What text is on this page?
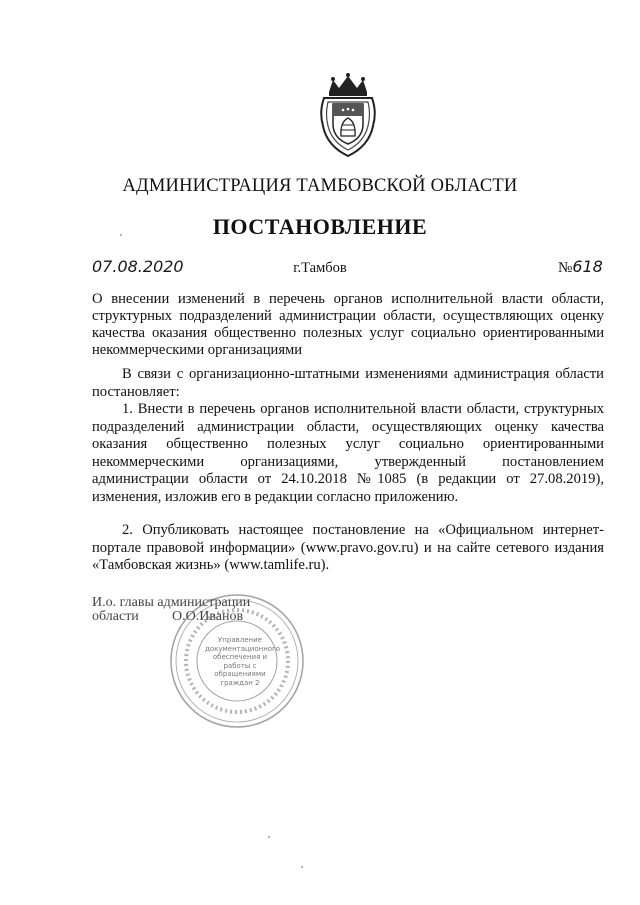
АДМИНИСТРАЦИЯ ТАМБОВСКОЙ ОБЛАСТИ
ПОСТАНОВЛЕНИЕ
07.08.2020	г.Тамбов	№618
О внесении изменений в перечень органов исполнительной власти области, структурных подразделений администрации области, осуществляющих оценку качества оказания общественно полезных услуг социально ориентированными некоммерческими организациями
В связи с организационно-штатными изменениями администрация области постановляет:
1. Внести в перечень органов исполнительной власти области, структурных подразделений администрации области, осуществляющих оценку качества оказания общественно полезных услуг социально ориентированными некоммерческими организациями, утвержденный постановлением администрации области от 24.10.2018 №1085 (в редакции от 27.08.2019), изменения, изложив его в редакции согласно приложению.
2. Опубликовать настоящее постановление на «Официальном интернет-портале правовой информации» (www.pravo.gov.ru) и на сайте сетевого издания «Тамбовская жизнь» (www.tamlife.ru).
Управление документационного обеспечения и работы с обращениями граждан 2
И.о. главы администрации
области О.О.Иванов
